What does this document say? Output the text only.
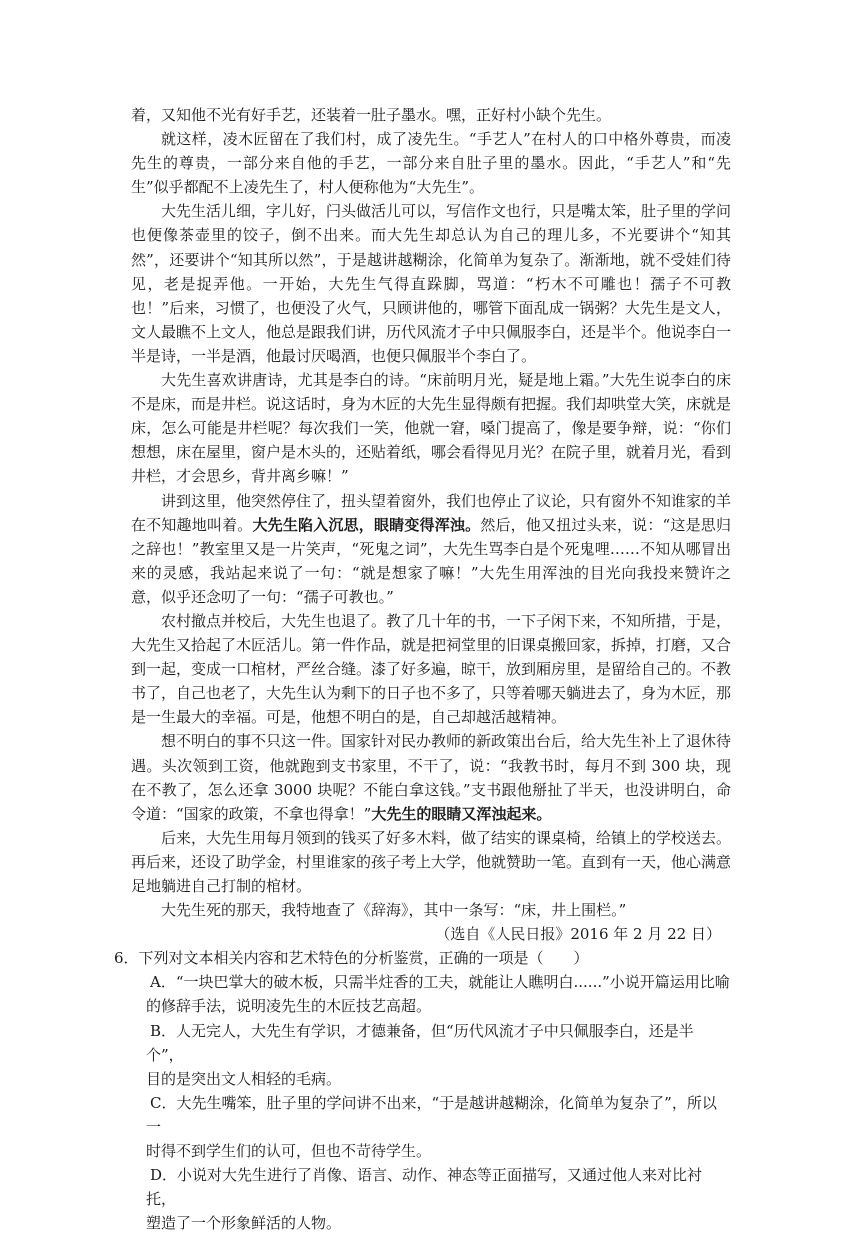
着，又知他不光有好手艺，还装着一肚子墨水。嘿，正好村小缺个先生。

就这样，凌木匠留在了我们村，成了凌先生。“手艺人”在村人的口中格外尊贵，而凌先生的尊贵，一部分来自他的手艺，一部分来自肚子里的墨水。因此，“手艺人”和“先生”似乎都配不上凌先生了，村人便称他为“大先生”。

大先生活儿细，字儿好，闩头做活儿可以，写信作文也行，只是嘴太笨，肚子里的学问也便像茶壶里的饺子，倒不出来。而大先生却总认为自己的理儿多，不光要讲个“知其然”，还要讲个“知其所以然”，于是越讲越糊涂，化简单为复杂了。渐渐地，就不受娃们待见，老是捉弄他。一开始，大先生气得直跺脚，骂道：“朽木不可雕也！孺子不可教也！”后来，习惯了，也便没了火气，只顾讲他的，哪管下面乱成一锅粥？大先生是文人，文人最瞧不上文人，他总是跟我们讲，历代风流才子中只佩服李白，还是半个。他说李白一半是诗，一半是酒，他最讨厌喝酒，也便只佩服半个李白了。

大先生喜欢讲唐诗，尤其是李白的诗。“床前明月光，疑是地上霜。”大先生说李白的床不是床，而是井栏。说这话时，身为木匠的大先生显得颇有把握。我们却哄堂大笑，床就是床，怎么可能是井栏呢？每次我们一笑，他就一窘，嗓门提高了，像是要争辩，说：“你们想想，床在屋里，窗户是木头的，还贴着纸，哪会看得见月光？在院子里，就着月光，看到井栏，才会思乡，背井离乡嘛！”

讲到这里，他突然停住了，扭头望着窗外，我们也停止了议论，只有窗外不知谁家的羊在不知趣地叫着。大先生陷入沉思，眼睛变得浑浊。然后，他又扭过头来，说：“这是思归之辞也！”教室里又是一片笑声，“死鬼之词”，大先生骂李白是个死鬼哩……不知从哪冒出来的灵感，我站起来说了一句：“就是想家了嘛！”大先生用浑浊的目光向我投来赞许之意，似乎还念叨了一句：“孺子可教也。”

农村撤点并校后，大先生也退了。教了几十年的书，一下子闲下来，不知所措，于是，大先生又拾起了木匠活儿。第一件作品，就是把祠堂里的旧课桌搬回家，拆掉，打磨，又合到一起，变成一口棺材，严丝合缝。漆了好多遍，晾干，放到厢房里，是留给自己的。不教书了，自己也老了，大先生认为剩下的日子也不多了，只等着哪天躺进去了，身为木匠，那是一生最大的幸福。可是，他想不明白的是，自己却越活越精神。

想不明白的事不只这一件。国家针对民办教师的新政策出台后，给大先生补上了退休待遇。头次领到工资，他就跑到支书家里，不干了，说：“我教书时，每月不到 300 块，现在不教了，怎么还拿 3000 块呢？不能白拿这钱。”支书跟他掰扯了半天，也没讲明白，命令道：“国家的政策，不拿也得拿！”大先生的眼睛又浑浊起来。

后来，大先生用每月领到的钱买了好多木料，做了结实的课桌椅，给镇上的学校送去。再后来，还设了助学金，村里谁家的孩子考上大学，他就赞助一笔。直到有一天，他心满意足地躺进自己打制的棺材。

大先生死的那天，我特地查了《辞海》，其中一条写：“床，井上围栏。”

（选自《人民日报》2016 年 2 月 22 日）

6．下列对文本相关内容和艺术特色的分析鉴赏，正确的一项是（　　）

A．“一块巴掌大的破木板，只需半炷香的工夫，就能让人瞧明白......”小说开篇运用比喻
的修辞手法，说明凌先生的木匠技艺高超。

B．人无完人，大先生有学识，才德兼备，但“历代风流才子中只佩服李白，还是半个”，
目的是突出文人相轻的毛病。

C．大先生嘴笨，肚子里的学问讲不出来，“于是越讲越糊涂，化简单为复杂了”，所以一
时得不到学生们的认可，但也不苛待学生。

D．小说对大先生进行了肖像、语言、动作、神态等正面描写，又通过他人来对比衬托，
塑造了一个形象鲜活的人物。
